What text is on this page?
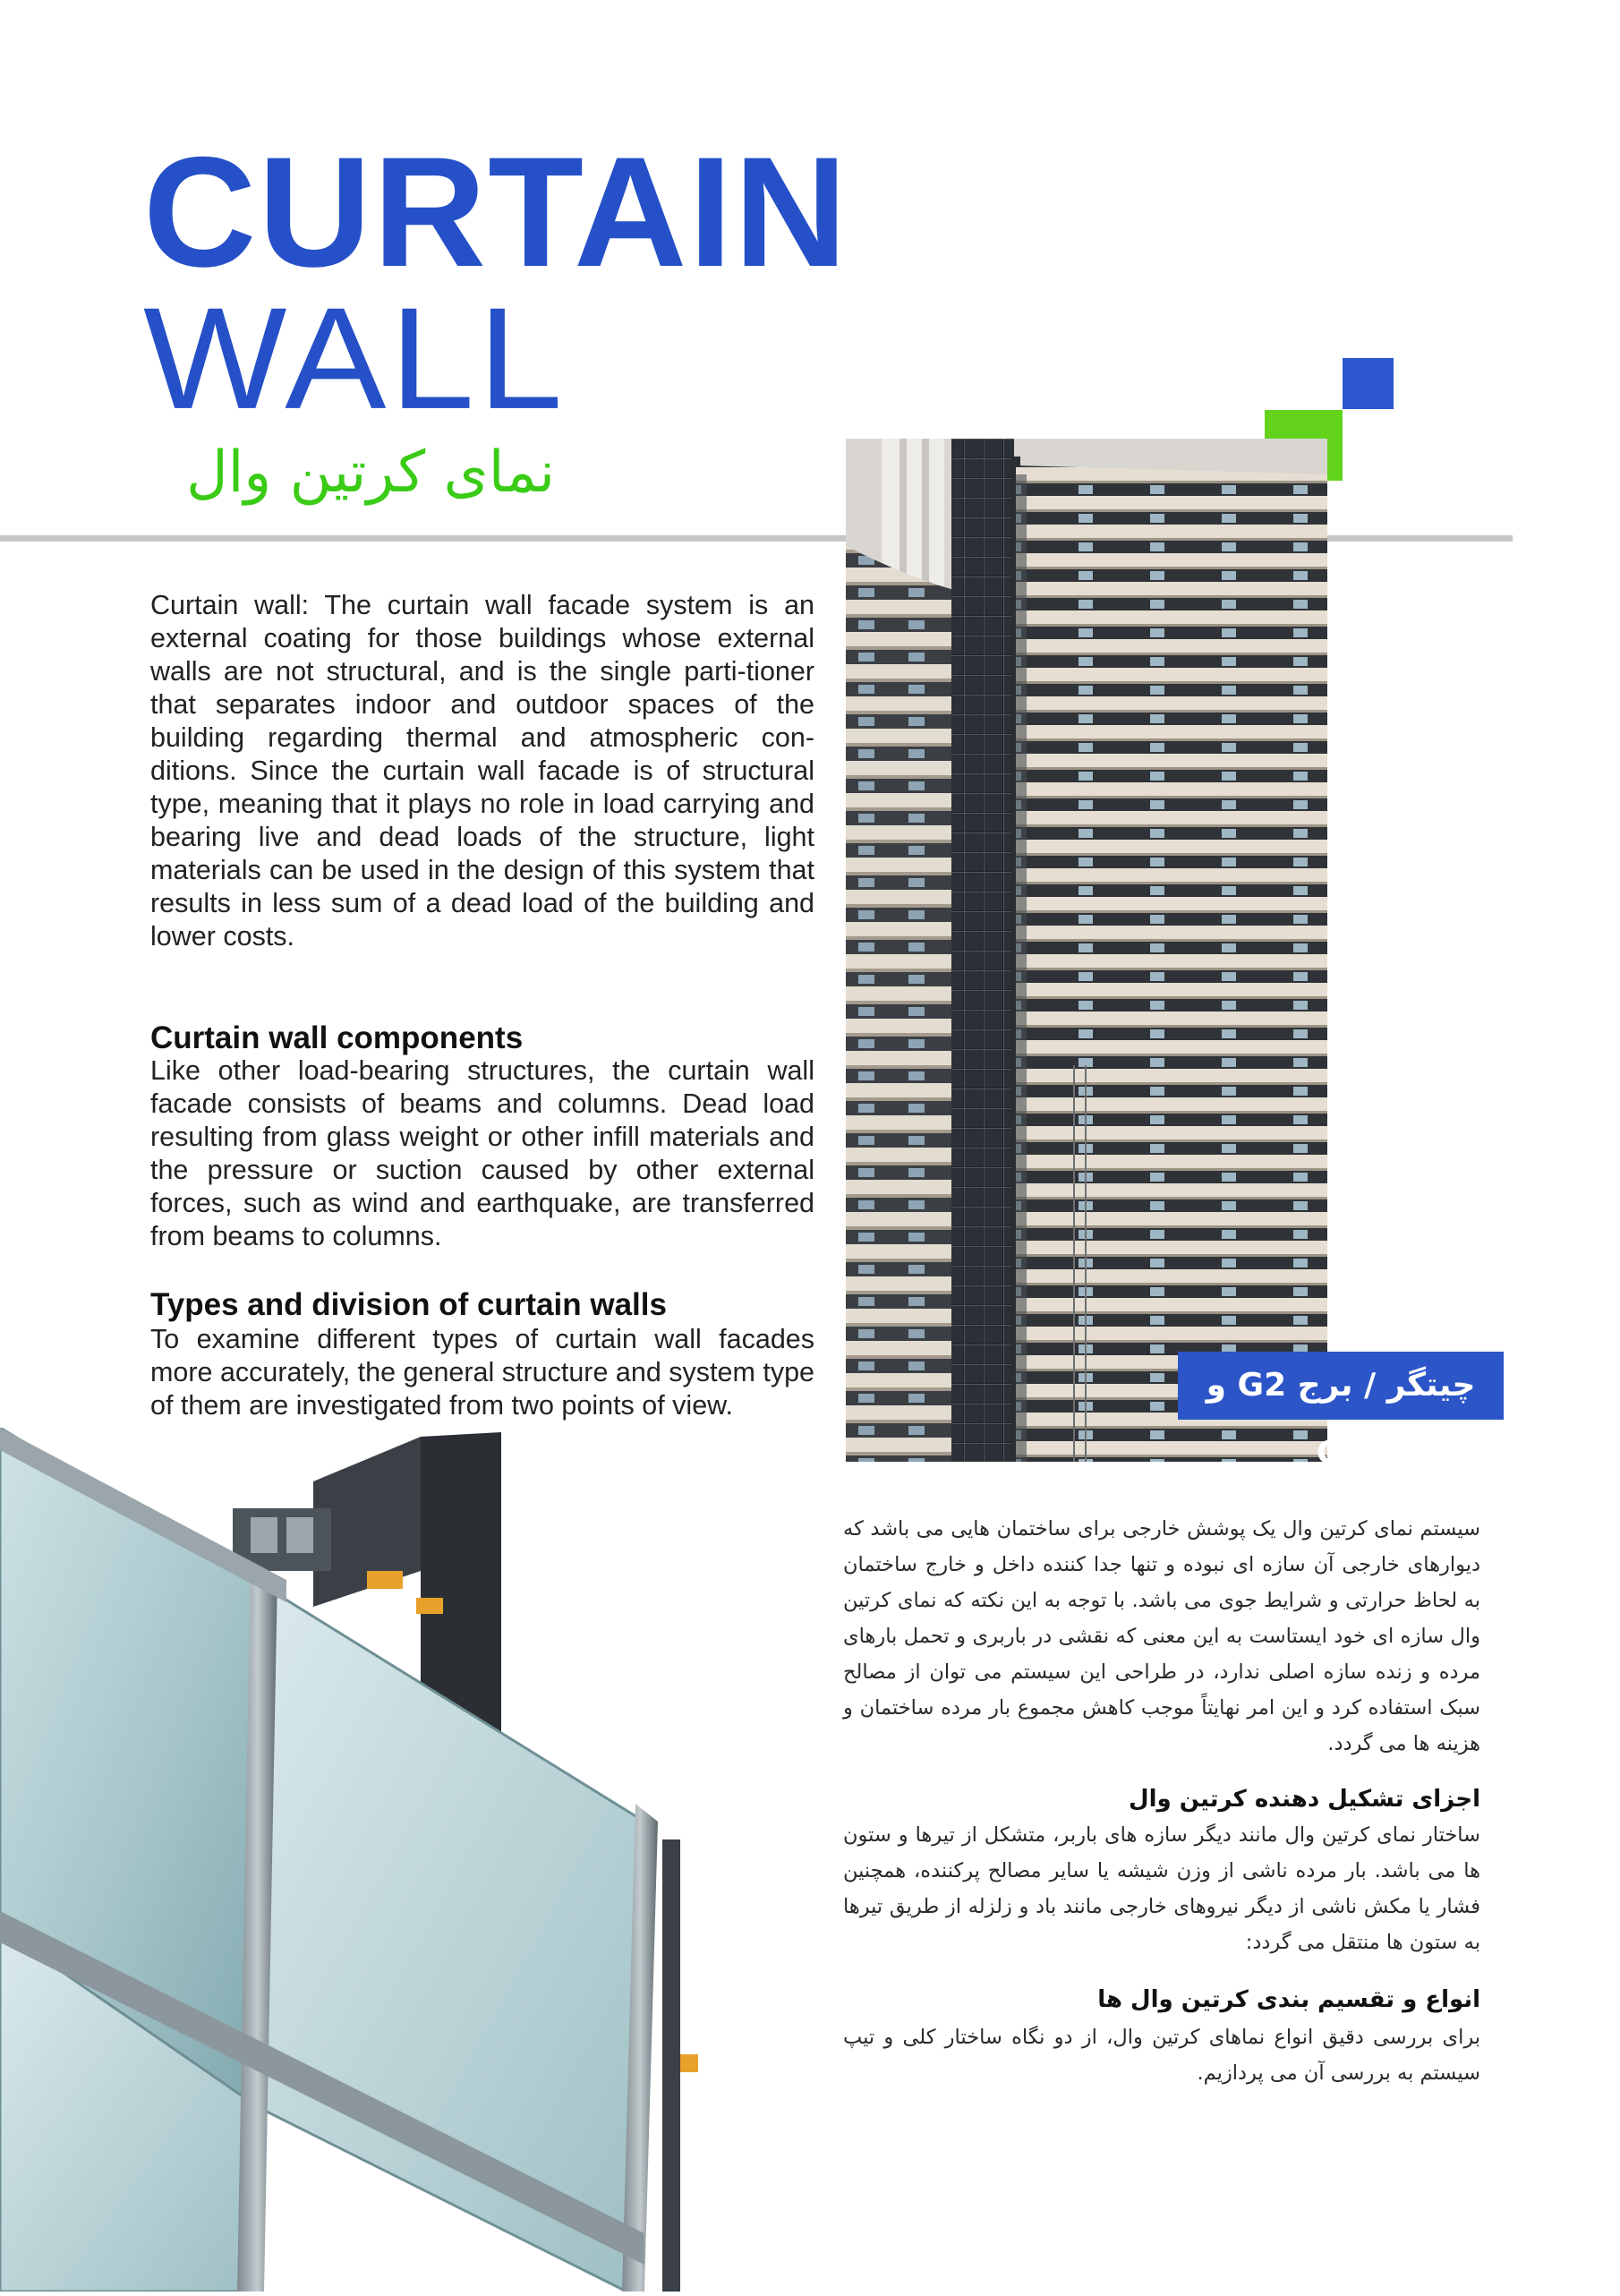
CURTAIN
WALL
نمای کرتین وال
Curtain wall: The curtain wall facade system is an external coating for those buildings whose external walls are not structural, and is the single parti-tioner that separates indoor and outdoor spaces of the building regarding thermal and atmospheric con-ditions. Since the curtain wall facade is of structural type, meaning that it plays no role in load carrying and bearing live and dead loads of the structure, light materials can be used in the design of this system that results in less sum of a dead load of the building and lower costs.
Curtain wall components
Like other load-bearing structures, the curtain wall facade consists of beams and columns. Dead load resulting from glass weight or other infill materials and the pressure or suction caused by other external forces, such as wind and earthquake, are transferred from beams to columns.
Types and division of curtain walls
To examine different types of curtain wall facades more accurately, the general structure and system type of them are investigated from two points of view.
چیتگر / برج G2 و G4
سیستم نمای کرتین وال یک پوشش خارجی برای ساختمان هایی می باشد که دیوارهای خارجی آن سازه ای نبوده و تنها جدا کننده داخل و خارج ساختمان به لحاظ حرارتی و شرایط جوی می باشد. با توجه به این نکته که نمای کرتین وال سازه ای خود ایستاست به این معنی که نقشی در باربری و تحمل بارهای مرده و زنده سازه اصلی ندارد، در طراحی این سیستم می توان از مصالح سبک استفاده کرد و این امر نهایتاً موجب کاهش مجموع بار مرده ساختمان و هزینه ها می گردد.
اجزای تشکیل دهنده کرتین وال
ساختار نمای کرتین وال مانند دیگر سازه های باربر، متشکل از تیرها و ستون ها می باشد. بار مرده ناشی از وزن شیشه یا سایر مصالح پرکننده، همچنین فشار یا مکش ناشی از دیگر نیروهای خارجی مانند باد و زلزله از طریق تیرها به ستون ها منتقل می گردد:
انواع و تقسیم بندی کرتین وال ها
برای بررسی دقیق انواع نماهای کرتین وال، از دو نگاه ساختار کلی و تیپ سیستم به بررسی آن می پردازیم.
